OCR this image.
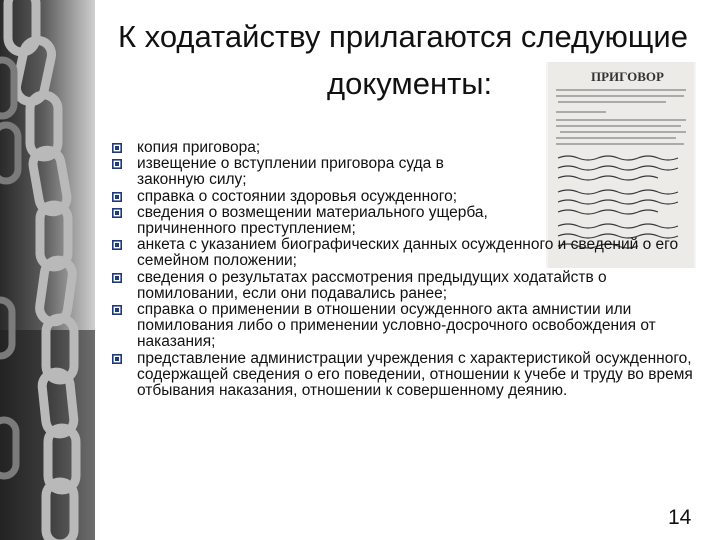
К ходатайству прилагаются следующие
документы:	ПРИГОВОР
копия приговора;
извещение о вступлении приговора суда в законную силу;
справка о состоянии здоровья осужденного;
сведения о возмещении материального ущерба, причиненного преступлением;
анкета с указанием биографических данных осужденного и сведений о его семейном положении;
сведения о результатах рассмотрения предыдущих ходатайств о помиловании, если они подавались ранее;
справка о применении в отношении осужденного акта амнистии или помилования либо о применении условно-досрочного освобождения от наказания;
представление администрации учреждения с характеристикой осужденного, содержащей сведения о его поведении, отношении к учебе и труду во время отбывания наказания, отношении к совершенному деянию.
14
